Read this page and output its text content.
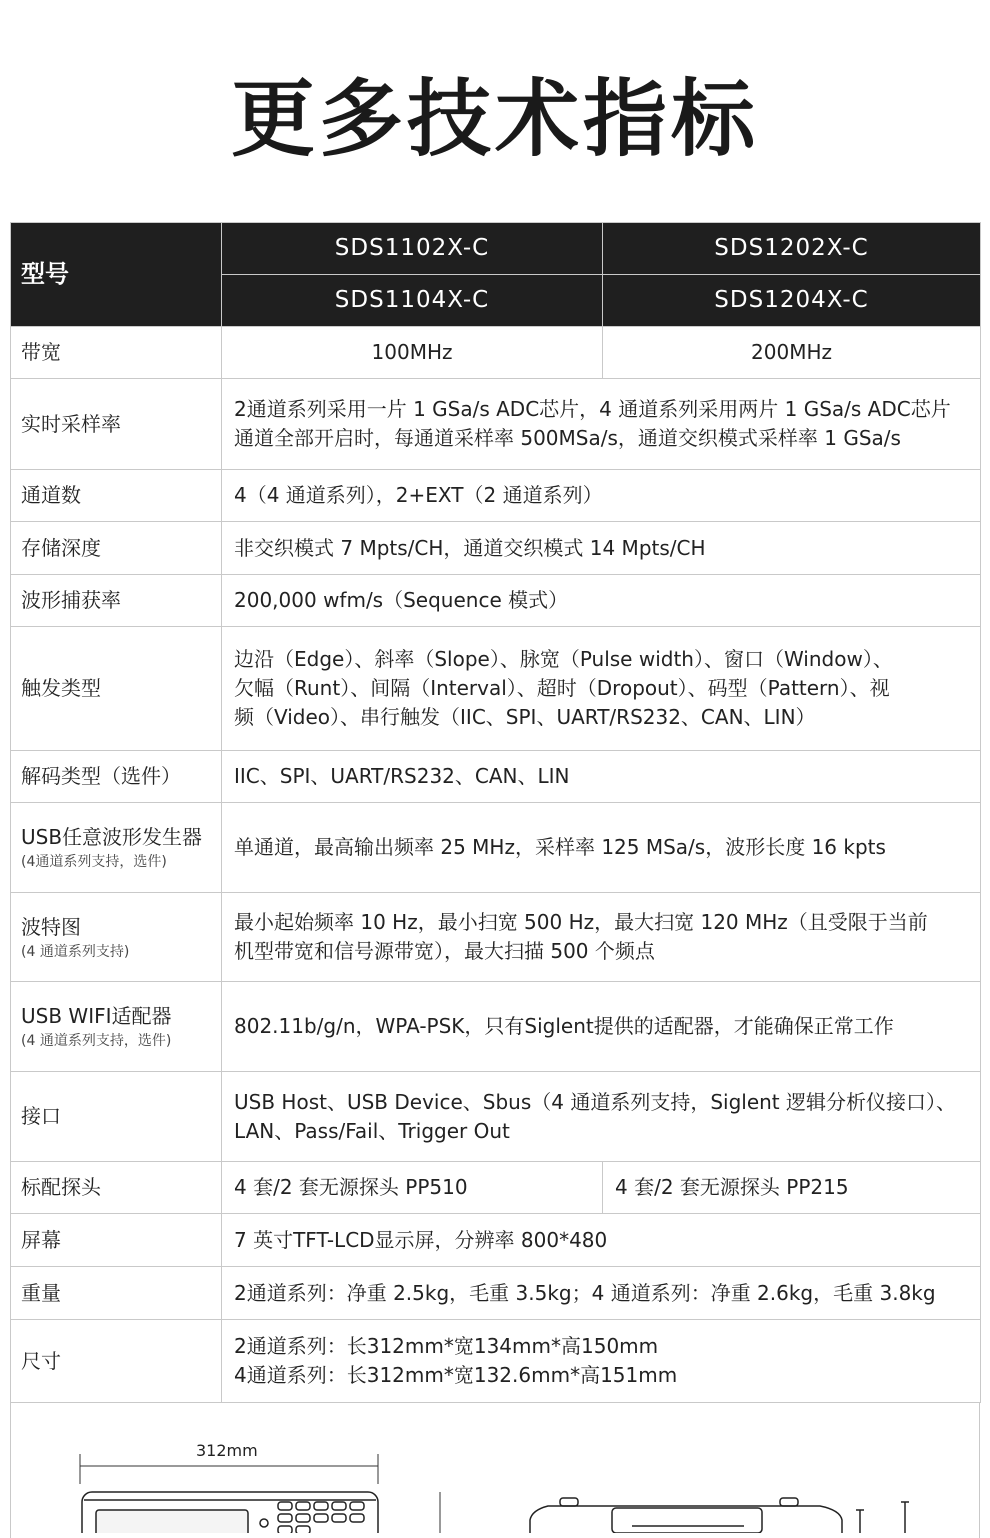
更多技术指标
型号	SDS1102X-C	SDS1202X-C
	SDS1104X-C	SDS1204X-C
带宽	100MHz	200MHz
实时采样率	2通道系列采用一片 1 GSa/s ADC芯片，4 通道系列采用两片 1 GSa/s ADC芯片
通道全部开启时，每通道采样率 500MSa/s，通道交织模式采样率 1 GSa/s	

通道数	4（4 通道系列），2+EXT（2 通道系列）	
存储深度	非交织模式 7 Mpts/CH，通道交织模式 14 Mpts/CH	
波形捕获率	200,000 wfm/s（Sequence 模式）	
触发类型	边沿（Edge）、斜率（Slope）、脉宽（Pulse width）、窗口（Window）、
欠幅（Runt）、间隔（Interval）、超时（Dropout）、码型（Pattern）、视
频（Video）、串行触发（IIC、SPI、UART/RS232、CAN、LIN）	

解码类型（选件）	IIC、SPI、UART/RS232、CAN、LIN	

USB任意波形发生器
(4通道系列支持，选件)	单通道，最高输出频率 25 MHz，采样率 125 MSa/s，波形长度 16 kpts	

波特图
(4 通道系列支持)	最小起始频率 10 Hz，最小扫宽 500 Hz，最大扫宽 120 MHz（且受限于当前
机型带宽和信号源带宽），最大扫描 500 个频点	

USB WIFI适配器
(4 通道系列支持，选件)	802.11b/g/n，WPA-PSK，只有Siglent提供的适配器，才能确保正常工作	
接口	USB Host、USB Device、Sbus（4 通道系列支持，Siglent 逻辑分析仪接口）、
LAN、Pass/Fail、Trigger Out	

标配探头	4 套/2 套无源探头 PP510	4 套/2 套无源探头 PP215
屏幕	7 英寸TFT-LCD显示屏，分辨率 800*480	
重量	2通道系列：净重 2.5kg，毛重 3.5kg；4 通道系列：净重 2.6kg，毛重 3.8kg	
尺寸	2通道系列：长312mm*宽134mm*高150mm
4通道系列：长312mm*宽132.6mm*高151mm	
312mm
